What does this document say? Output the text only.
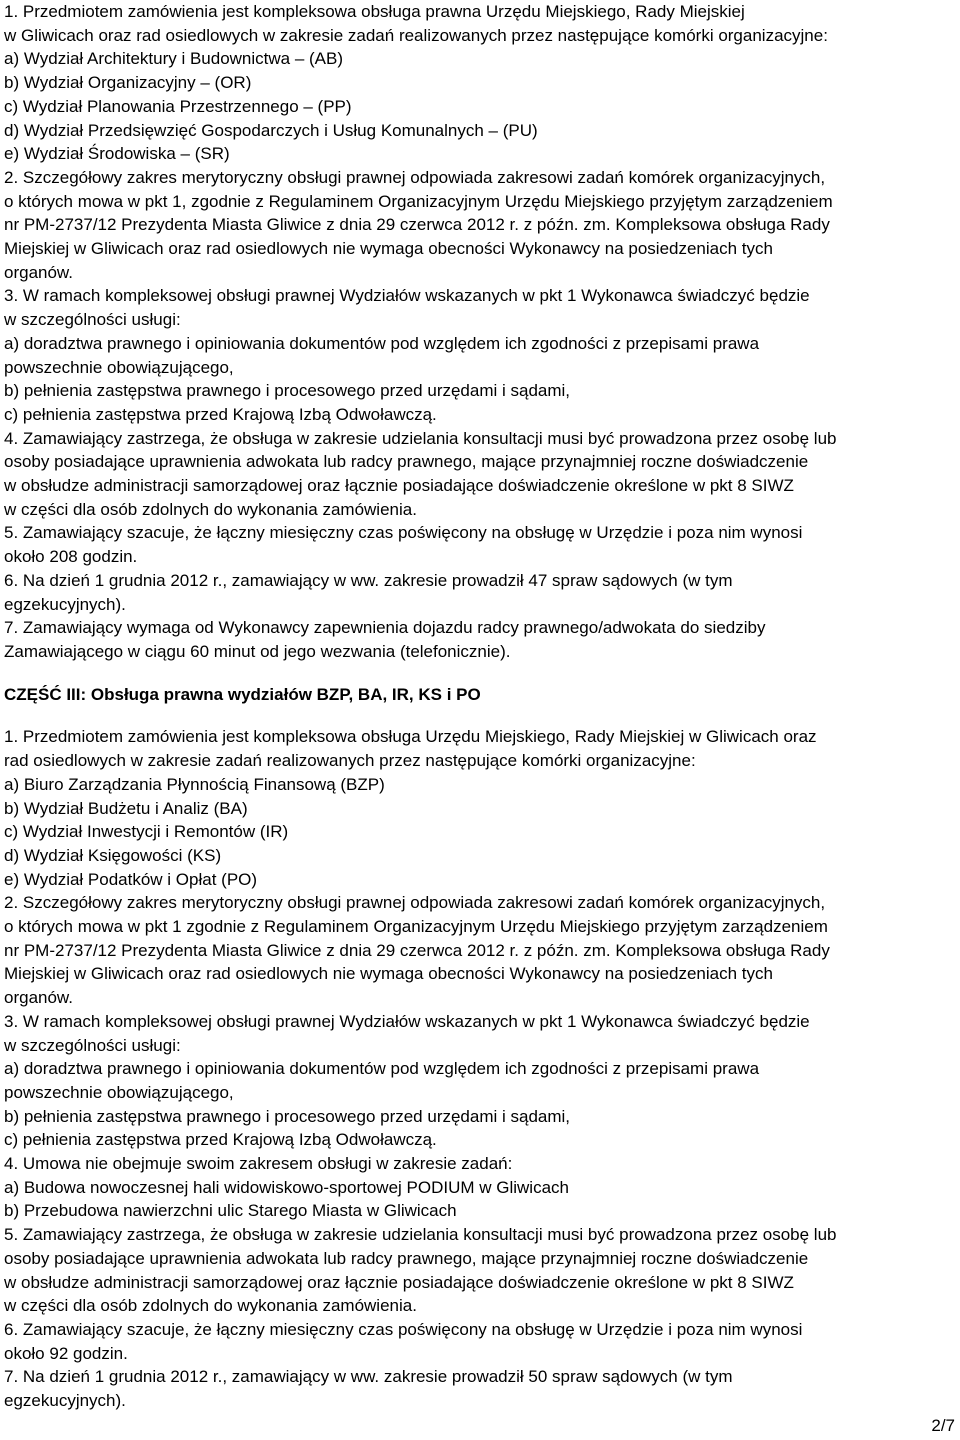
1. Przedmiotem zamówienia jest kompleksowa obsługa prawna Urzędu Miejskiego, Rady Miejskiej

w Gliwicach oraz rad osiedlowych w zakresie zadań realizowanych przez następujące komórki organizacyjne:

a) Wydział Architektury i Budownictwa – (AB)

b) Wydział Organizacyjny – (OR)

c) Wydział Planowania Przestrzennego – (PP)

d) Wydział Przedsięwzięć Gospodarczych i Usług Komunalnych – (PU)

e) Wydział Środowiska – (SR)

2. Szczegółowy zakres merytoryczny obsługi prawnej odpowiada zakresowi zadań komórek organizacyjnych,

o których mowa w pkt 1, zgodnie z Regulaminem Organizacyjnym Urzędu Miejskiego przyjętym zarządzeniem

nr PM-2737/12 Prezydenta Miasta Gliwice z dnia 29 czerwca 2012 r. z późn. zm. Kompleksowa obsługa Rady

Miejskiej w Gliwicach oraz rad osiedlowych nie wymaga obecności Wykonawcy na posiedzeniach tych

organów.

3. W ramach kompleksowej obsługi prawnej Wydziałów wskazanych w pkt 1 Wykonawca świadczyć będzie

w szczególności usługi:

a) doradztwa prawnego i opiniowania dokumentów pod względem ich zgodności z przepisami prawa

powszechnie obowiązującego,

b) pełnienia zastępstwa prawnego i procesowego przed urzędami i sądami,

c) pełnienia zastępstwa przed Krajową Izbą Odwoławczą.

4. Zamawiający zastrzega, że obsługa w zakresie udzielania konsultacji musi być prowadzona przez osobę lub

osoby posiadające uprawnienia adwokata lub radcy prawnego, mające przynajmniej roczne doświadczenie

w obsłudze administracji samorządowej oraz łącznie posiadające doświadczenie określone w pkt 8 SIWZ

w części dla osób zdolnych do wykonania zamówienia.

5. Zamawiający szacuje, że łączny miesięczny czas poświęcony na obsługę w Urzędzie i poza nim wynosi

około 208 godzin.

6. Na dzień 1 grudnia 2012 r., zamawiający w ww. zakresie prowadził 47 spraw sądowych (w tym

egzekucyjnych).

7. Zamawiający wymaga od Wykonawcy zapewnienia dojazdu radcy prawnego/adwokata do siedziby

Zamawiającego w ciągu 60 minut od jego wezwania (telefonicznie).

CZĘŚĆ III: Obsługa prawna wydziałów BZP, BA, IR, KS i PO

1. Przedmiotem zamówienia jest kompleksowa obsługa Urzędu Miejskiego, Rady Miejskiej w Gliwicach oraz

rad osiedlowych w zakresie zadań realizowanych przez następujące komórki organizacyjne:

a) Biuro Zarządzania Płynnością Finansową (BZP)

b) Wydział Budżetu i Analiz (BA)

c) Wydział Inwestycji i Remontów (IR)

d) Wydział Księgowości (KS)

e) Wydział Podatków i Opłat (PO)

2. Szczegółowy zakres merytoryczny obsługi prawnej odpowiada zakresowi zadań komórek organizacyjnych,

o których mowa w pkt 1 zgodnie z Regulaminem Organizacyjnym Urzędu Miejskiego przyjętym zarządzeniem

nr PM-2737/12 Prezydenta Miasta Gliwice z dnia 29 czerwca 2012 r. z późn. zm. Kompleksowa obsługa Rady

Miejskiej w Gliwicach oraz rad osiedlowych nie wymaga obecności Wykonawcy na posiedzeniach tych

organów.

3. W ramach kompleksowej obsługi prawnej Wydziałów wskazanych w pkt 1 Wykonawca świadczyć będzie

w szczególności usługi:

a) doradztwa prawnego i opiniowania dokumentów pod względem ich zgodności z przepisami prawa

powszechnie obowiązującego,

b) pełnienia zastępstwa prawnego i procesowego przed urzędami i sądami,

c) pełnienia zastępstwa przed Krajową Izbą Odwoławczą.

4. Umowa nie obejmuje swoim zakresem obsługi w zakresie zadań:

a) Budowa nowoczesnej hali widowiskowo-sportowej PODIUM w Gliwicach

b) Przebudowa nawierzchni ulic Starego Miasta w Gliwicach

5. Zamawiający zastrzega, że obsługa w zakresie udzielania konsultacji musi być prowadzona przez osobę lub

osoby posiadające uprawnienia adwokata lub radcy prawnego, mające przynajmniej roczne doświadczenie

w obsłudze administracji samorządowej oraz łącznie posiadające doświadczenie określone w pkt 8 SIWZ

w części dla osób zdolnych do wykonania zamówienia.

6. Zamawiający szacuje, że łączny miesięczny czas poświęcony na obsługę w Urzędzie i poza nim wynosi

około 92 godzin.

7. Na dzień 1 grudnia 2012 r., zamawiający w ww. zakresie prowadził 50 spraw sądowych (w tym

egzekucyjnych).

2/7
